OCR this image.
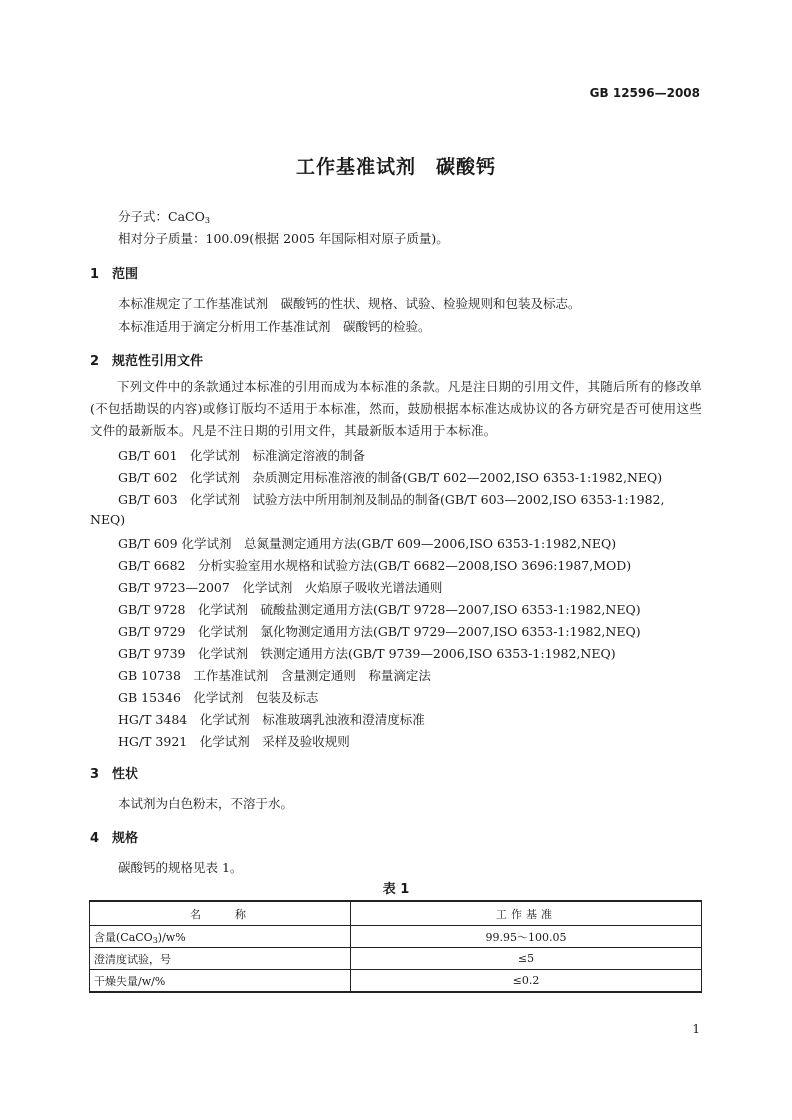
GB 12596—2008
工作基准试剂　碳酸钙
分子式：CaCO$_3$
相对分子质量：100.09(根据 2005 年国际相对原子质量)。
1　范围
本标准规定了工作基准试剂　碳酸钙的性状、规格、试验、检验规则和包装及标志。
本标准适用于滴定分析用工作基准试剂　碳酸钙的检验。
2　规范性引用文件
下列文件中的条款通过本标准的引用而成为本标准的条款。凡是注日期的引用文件，其随后所有的修改单(不包括勘误的内容)或修订版均不适用于本标准，然而，鼓励根据本标准达成协议的各方研究是否可使用这些文件的最新版本。凡是不注日期的引用文件，其最新版本适用于本标准。
GB/T 601　化学试剂　标准滴定溶液的制备
GB/T 602　化学试剂　杂质测定用标准溶液的制备(GB/T 602—2002,ISO 6353-1:1982,NEQ)
GB/T 603　化学试剂　试验方法中所用制剂及制品的制备(GB/T 603—2002,ISO 6353-1:1982,
NEQ)
GB/T 609 化学试剂　总氮量测定通用方法(GB/T 609—2006,ISO 6353-1:1982,NEQ)
GB/T 6682　分析实验室用水规格和试验方法(GB/T 6682—2008,ISO 3696:1987,MOD)
GB/T 9723—2007　化学试剂　火焰原子吸收光谱法通则
GB/T 9728　化学试剂　硫酸盐测定通用方法(GB/T 9728—2007,ISO 6353-1:1982,NEQ)
GB/T 9729　化学试剂　氯化物测定通用方法(GB/T 9729—2007,ISO 6353-1:1982,NEQ)
GB/T 9739　化学试剂　铁测定通用方法(GB/T 9739—2006,ISO 6353-1:1982,NEQ)
GB 10738　工作基准试剂　含量测定通则　称量滴定法
GB 15346　化学试剂　包装及标志
HG/T 3484　化学试剂　标准玻璃乳浊液和澄清度标准
HG/T 3921　化学试剂　采样及验收规则
3　性状
本试剂为白色粉末，不溶于水。
4　规格
碳酸钙的规格见表 1。
表 1
名　　称	工作基准
含量(CaCO$_3$)/w%	99.95～100.05
澄清度试验，号	≤5
干燥失量/w/%	≤0.2
1
